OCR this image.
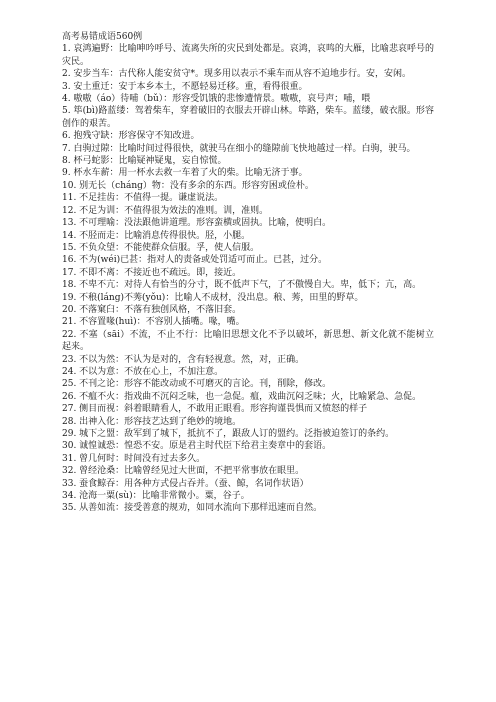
高考易错成语560例

1. 哀鸿遍野：比喻呻吟呼号、流离失所的灾民到处都是。哀鸿，哀鸣的大雁，比喻悲哀呼号的灾民。
2. 安步当车：古代称人能安贫守*。现多用以表示不乘车而从容不迫地步行。安，安闲。
3. 安土重迁：安于本乡本土，不愿轻易迁移。重，看得很重。
4. 嗷嗷（áo）待哺（bǔ）：形容受饥饿的悲惨遭情景。嗷嗷，哀号声；哺，喂
5. 筚(bì)路蓝缕：驾着柴车，穿着破旧的衣服去开辟山林。筚路，柴车。蓝缕，破衣服。形容创作的艰苦。
6. 抱残守缺：形容保守不知改进。
7. 白驹过隙：比喻时间过得很快，就驶马在细小的缝隙前飞快地越过一样。白驹，驶马。
8. 杯弓蛇影：比喻疑神疑鬼，妄自惊慌。
9. 杯水车薪：用一杯水去救一车着了火的柴。比喻无济于事。
10. 别无长（cháng）物：没有多余的东西。形容穷困或俭朴。
11. 不足挂齿：不值得一提。谦虚说法。
12. 不足为训：不值得很为效法的准则。训，准则。
13. 不可理喻：没法跟他讲道理。形容蛮横或固执。比喻，使明白。
14. 不胫而走：比喻消息传得很快。胫，小腿。
15. 不负众望：不能使群众信服。孚，使人信服。
16. 不为(wéi)已甚：指对人的责备或处罚适可而止。已甚，过分。
17. 不即不离：不接近也不疏远。即，接近。
18. 不卑不亢：对待人有恰当的分寸，既不低声下气，了不傲慢自大。卑，低下；亢，高。
19. 不稂(láng)不莠(yǒu)：比喻人不成材，没出息。稂、莠，田里的野草。
20. 不落窠臼：不落有独创风格，不落旧套。
21. 不容置喙(huì)：不容别人插嘴。喙，嘴。
22. 不塞（sāi）不流，不止不行：比喻旧思想文化不予以破坏，新思想、新文化就不能树立起来。
23. 不以为然：不认为是对的，含有轻视意。然，对，正确。
24. 不以为意：不放在心上，不加注意。
25. 不刊之论：形容不能改动或不可磨灭的言论。刊，削除，修改。
26. 不瘟不火：指戏曲不沉闷乏味，也一急促。瘟，戏曲沉闷乏味；火，比喻紧急、急促。
27. 侧目而视：斜着眼睛看人，不敢用正眼看。形容拘谨畏惧而又愤怒的样子
28. 出神入化：形容技艺达到了绝妙的境地。
29. 城下之盟：敌军到了城下，抵抗不了，跟敌人订的盟约。泛指被迫签订的条约。
30. 诚惶诚恐：惶恐不安。原是君主时代臣下给君主奏章中的套语。
31. 曾几何时：时间没有过去多久。
32. 曾经沧桑：比喻曾经见过大世面，不把平常事放在眼里。
33. 蚕食鲸吞：用各种方式侵占吞并。（蚕、鲸，名词作状语）
34. 沧海一粟(sù)：比喻非常微小。粟，谷子。
35. 从善如流：接受善意的规劝，如同水流向下那样迅速而自然。
